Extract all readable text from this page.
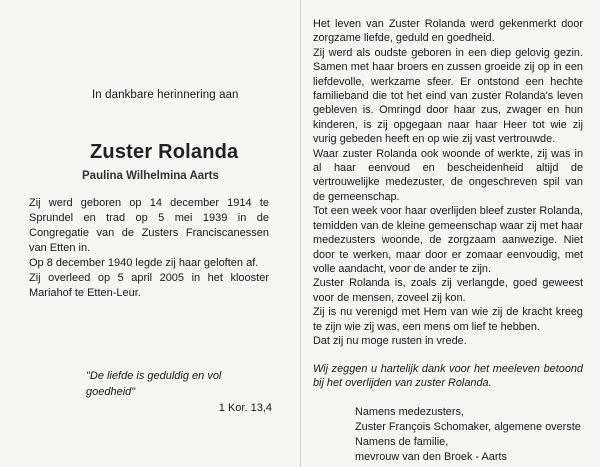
In dankbare herinnering aan
Zuster Rolanda
Paulina Wilhelmina Aarts

Zij werd geboren op 14 december 1914 te Sprundel en trad op 5 mei 1939 in de Congregatie van de Zusters Franciscanessen van Etten in.

Op 8 december 1940 legde zij haar geloften af.

Zij overleed op 5 april 2005 in het klooster Mariahof te Etten-Leur.

"De liefde is geduldig en vol goedheid"
1 Kor. 13,4

Het leven van Zuster Rolanda werd gekenmerkt door zorgzame liefde, geduld en goedheid.

Zij werd als oudste geboren in een diep gelovig gezin. Samen met haar broers en zussen groeide zij op in een liefdevolle, werkzame sfeer. Er ontstond een hechte familieband die tot het eind van zuster Rolanda's leven gebleven is. Omringd door haar zus, zwager en hun kinderen, is zij opgegaan naar haar Heer tot wie zij vurig gebeden heeft en op wie zij vast vertrouwde.

Waar zuster Rolanda ook woonde of werkte, zij was in al haar eenvoud en bescheidenheid altijd de vertrouwelijke medezuster, de ongeschreven spil van de gemeenschap.

Tot een week voor haar overlijden bleef zuster Rolanda, temidden van de kleine gemeenschap waar zij met haar medezusters woonde, de zorgzaam aanwezige. Niet door te werken, maar door er zomaar eenvoudig, met volle aandacht, voor de ander te zijn.

Zuster Rolanda is, zoals zij verlangde, goed geweest voor de mensen, zoveel zij kon.

Zij is nu verenigd met Hem van wie zij de kracht kreeg te zijn wie zij was, een mens om lief te hebben.

Dat zij nu moge rusten in vrede.

Wij zeggen u hartelijk dank voor het meeleven betoond bij het overlijden van zuster Rolanda.
Namens medezusters,
Zuster François Schomaker, algemene overste
Namens de familie,
mevrouw van den Broek - Aarts
